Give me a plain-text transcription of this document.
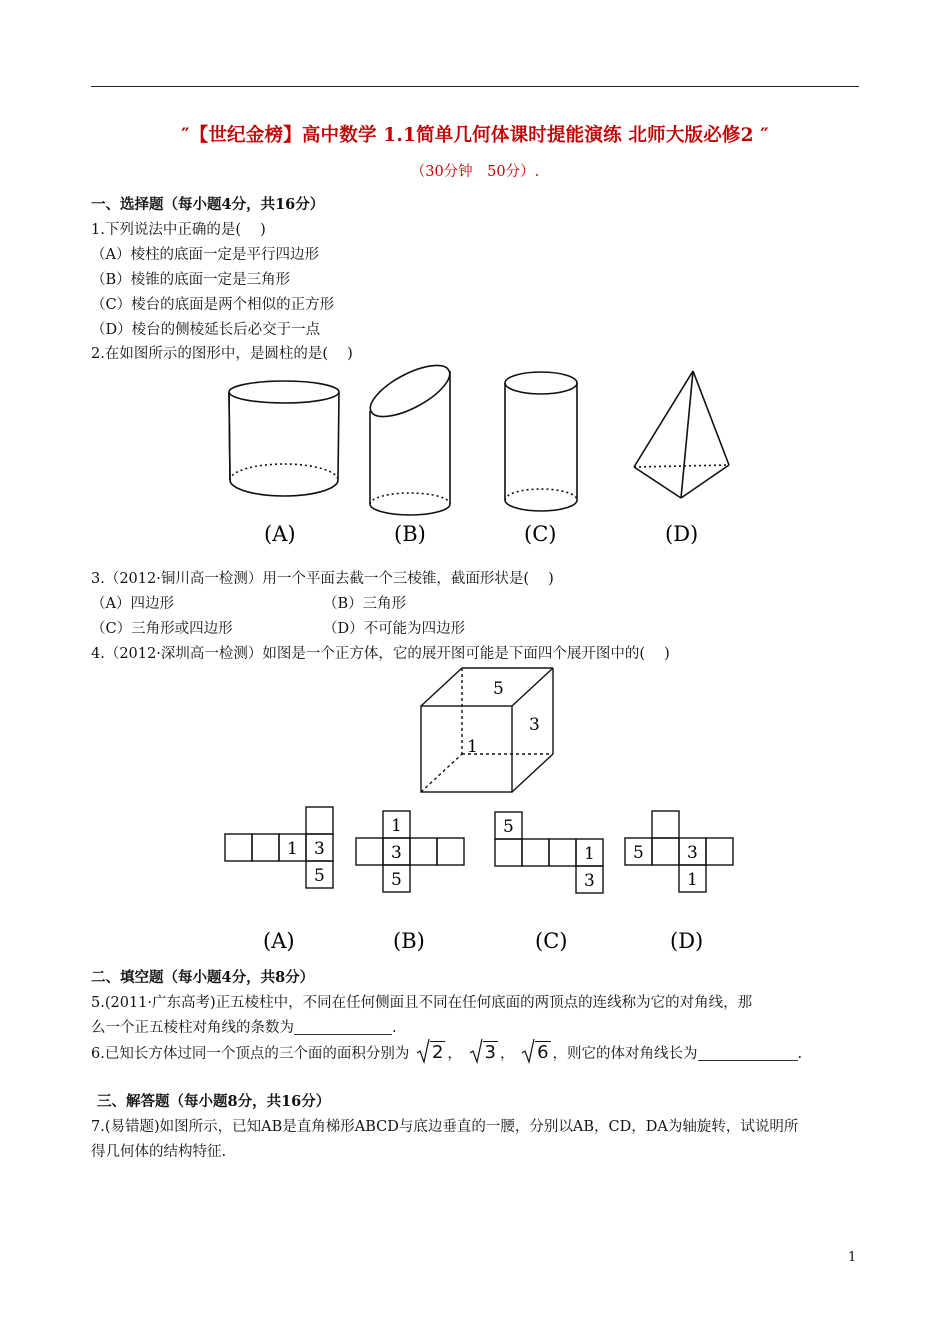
″【世纪金榜】高中数学 1.1简单几何体课时提能演练 北师大版必修2 ″
（30分钟　50分）.
一、选择题（每小题4分，共16分）
1.下列说法中正确的是(　 )
（A）棱柱的底面一定是平行四边形
（B）棱锥的底面一定是三角形
（C）棱台的底面是两个相似的正方形
（D）棱台的侧棱延长后必交于一点
2.在如图所示的图形中，是圆柱的是(　 )
(A)	(B)	(C)	(D)
3.（2012·铜川高一检测）用一个平面去截一个三棱锥，截面形状是(　 )
（A）四边形	（B）三角形
（C）三角形或四边形	（D）不可能为四边形
4.（2012·深圳高一检测）如图是一个正方体，它的展开图可能是下面四个展开图中的(　 )
5
3
1
1 3
5
1
3
5
5
1
3
5	3
1
(A)	(B)	(C)	(D)
二、填空题（每小题4分，共8分）
5.(2011·广东高考)正五棱柱中，不同在任何侧面且不同在任何底面的两顶点的连线称为它的对角线，那
么一个正五棱柱对角线的条数为	.
6.已知长方体过同一个顶点的三个面的面积分别为 2 ， 3 ， 6 ，则它的体对角线长为	.
三、解答题（每小题8分，共16分）
7.(易错题)如图所示，已知AB是直角梯形ABCD与底边垂直的一腰，分别以AB，CD，DA为轴旋转，试说明所
得几何体的结构特征.
1
